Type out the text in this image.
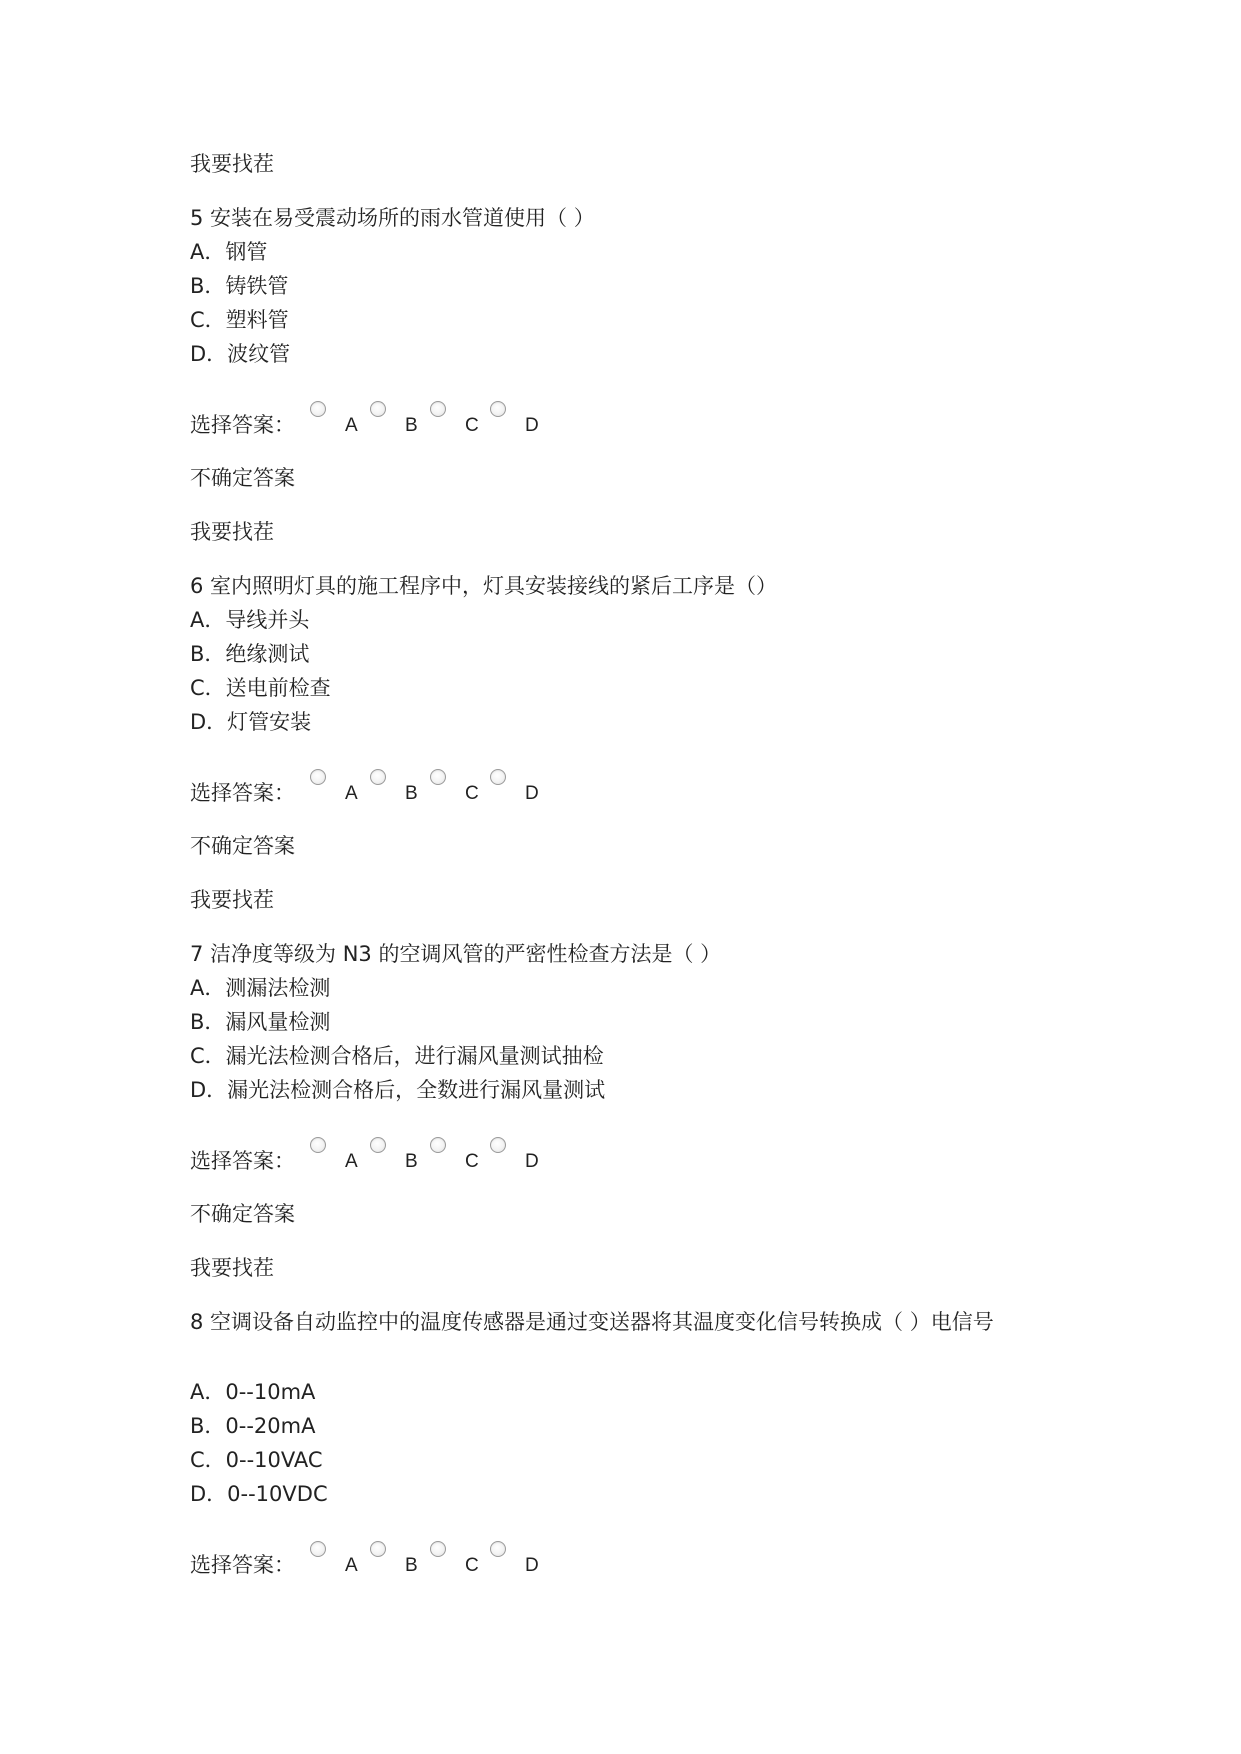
我要找茬
5 安装在易受震动场所的雨水管道使用（ ）
A．钢管
B．铸铁管
C．塑料管
D．波纹管
选择答案：	A B C D
不确定答案
我要找茬
6 室内照明灯具的施工程序中，灯具安装接线的紧后工序是（）
A．导线并头
B．绝缘测试
C．送电前检查
D．灯管安装
选择答案：	A B C D
不确定答案
我要找茬
7 洁净度等级为 N3 的空调风管的严密性检查方法是（ ）
A．测漏法检测
B．漏风量检测
C．漏光法检测合格后，进行漏风量测试抽检
D．漏光法检测合格后，全数进行漏风量测试
选择答案：	A B C D
不确定答案
我要找茬
8 空调设备自动监控中的温度传感器是通过变送器将其温度变化信号转换成（ ）电信号
A．0--10mA
B．0--20mA
C．0--10VAC
D．0--10VDC
选择答案：	A B C D
